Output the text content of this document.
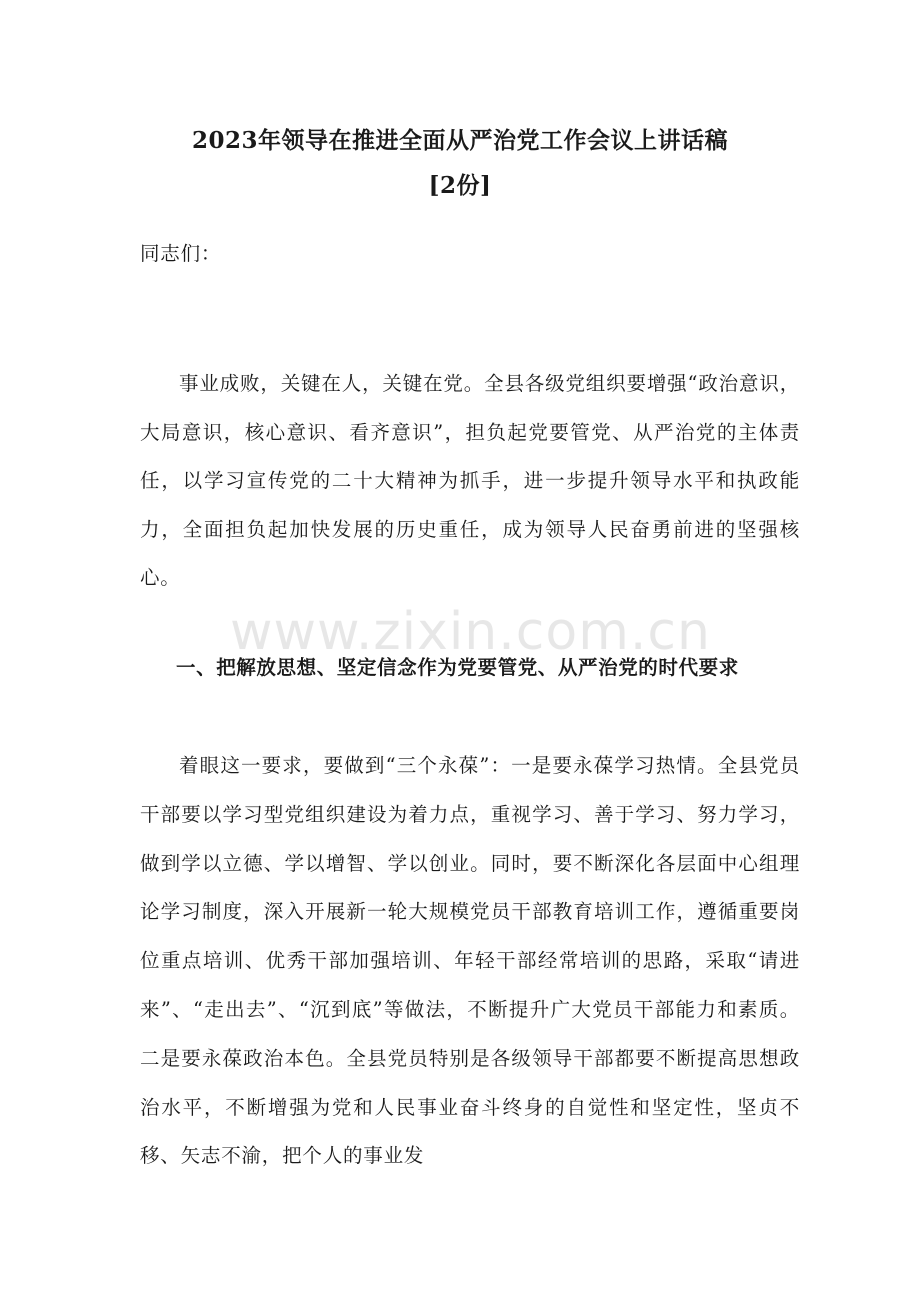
2023年领导在推进全面从严治党工作会议上讲话稿
[2份]
同志们：
事业成败，关键在人，关键在党。全县各级党组织要增强“政治意识，大局意识，核心意识、看齐意识”，担负起党要管党、从严治党的主体责任，以学习宣传党的二十大精神为抓手，进一步提升领导水平和执政能力，全面担负起加快发展的历史重任，成为领导人民奋勇前进的坚强核心。
www.zixin.com.cn
一、把解放思想、坚定信念作为党要管党、从严治党的时代要求
着眼这一要求，要做到“三个永葆”：一是要永葆学习热情。全县党员干部要以学习型党组织建设为着力点，重视学习、善于学习、努力学习，做到学以立德、学以增智、学以创业。同时，要不断深化各层面中心组理论学习制度，深入开展新一轮大规模党员干部教育培训工作，遵循重要岗位重点培训、优秀干部加强培训、年轻干部经常培训的思路，采取“请进来”、“走出去”、“沉到底”等做法，不断提升广大党员干部能力和素质。二是要永葆政治本色。全县党员特别是各级领导干部都要不断提高思想政治水平，不断增强为党和人民事业奋斗终身的自觉性和坚定性，坚贞不移、矢志不渝，把个人的事业发
